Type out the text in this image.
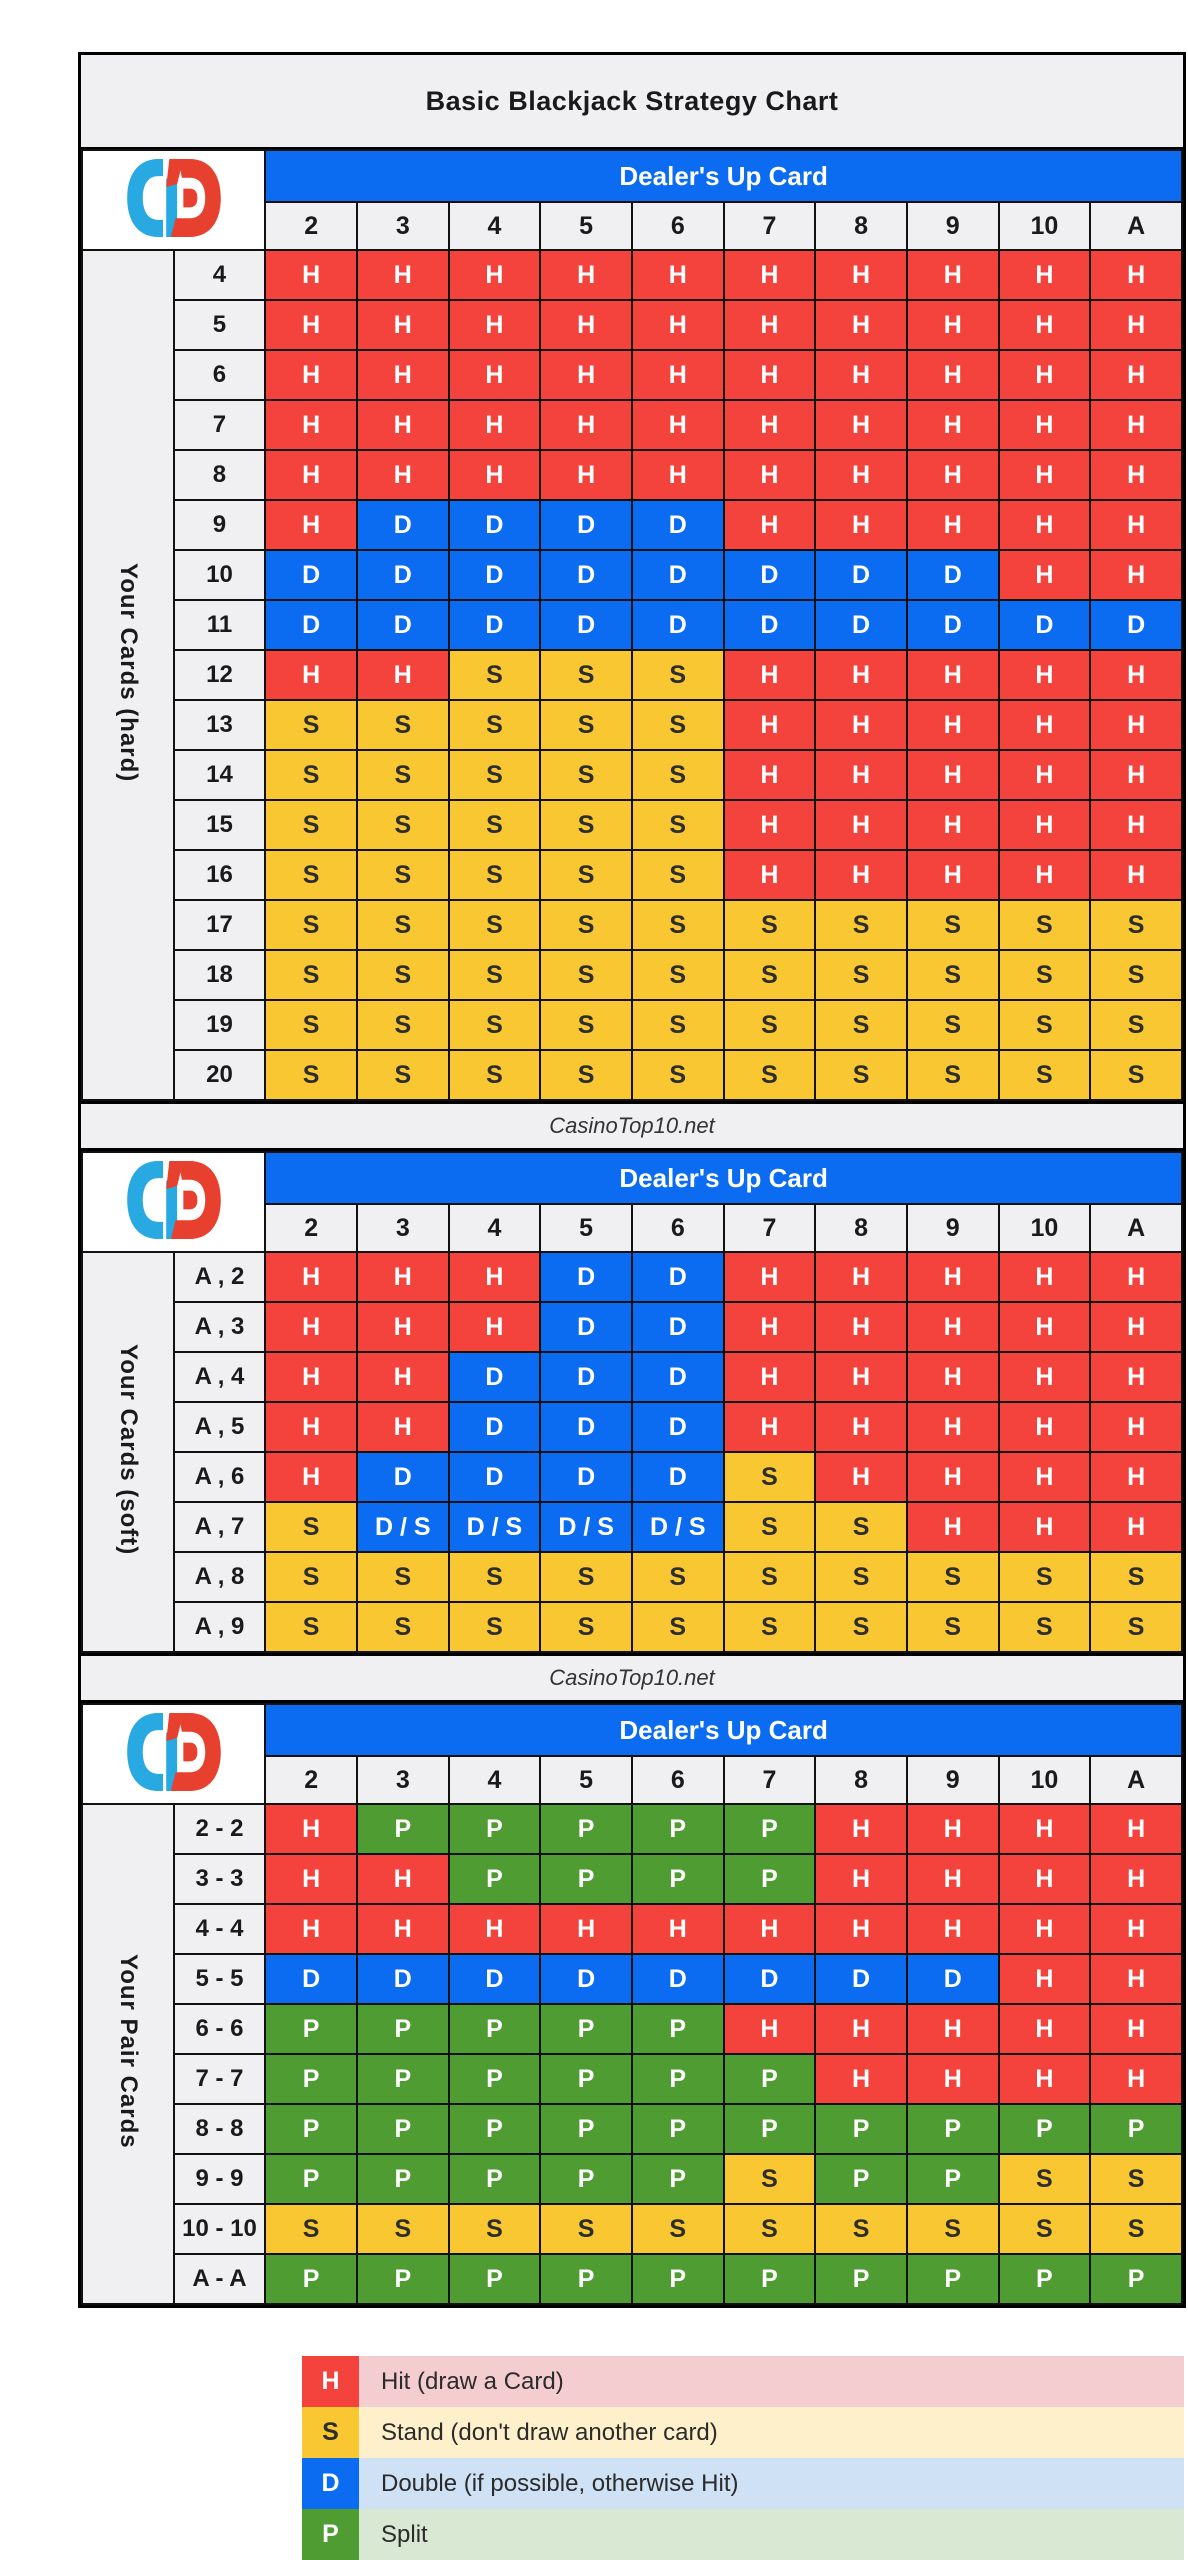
Basic Blackjack Strategy Chart
	Dealer's Up Card									
		2	3	4	5	6	7	8	9	10	A
Your Cards (hard)	4	H	H	H	H	H	H	H	H	H	H
	5	H	H	H	H	H	H	H	H	H	H
	6	H	H	H	H	H	H	H	H	H	H
	7	H	H	H	H	H	H	H	H	H	H
	8	H	H	H	H	H	H	H	H	H	H
	9	H	D	D	D	D	H	H	H	H	H
	10	D	D	D	D	D	D	D	D	H	H
	11	D	D	D	D	D	D	D	D	D	D
	12	H	H	S	S	S	H	H	H	H	H
	13	S	S	S	S	S	H	H	H	H	H
	14	S	S	S	S	S	H	H	H	H	H
	15	S	S	S	S	S	H	H	H	H	H
	16	S	S	S	S	S	H	H	H	H	H
	17	S	S	S	S	S	S	S	S	S	S
	18	S	S	S	S	S	S	S	S	S	S
	19	S	S	S	S	S	S	S	S	S	S
	20	S	S	S	S	S	S	S	S	S	S
CasinoTop10.net
	Dealer's Up Card									
		2	3	4	5	6	7	8	9	10	A
Your Cards (soft)	A , 2	H	H	H	D	D	H	H	H	H	H
	A , 3	H	H	H	D	D	H	H	H	H	H
	A , 4	H	H	D	D	D	H	H	H	H	H
	A , 5	H	H	D	D	D	H	H	H	H	H
	A , 6	H	D	D	D	D	S	H	H	H	H
	A , 7	S	D / S	D / S	D / S	D / S	S	S	H	H	H
	A , 8	S	S	S	S	S	S	S	S	S	S
	A , 9	S	S	S	S	S	S	S	S	S	S
CasinoTop10.net
	Dealer's Up Card									
		2	3	4	5	6	7	8	9	10	A
Your Pair Cards	2 - 2	H	P	P	P	P	P	H	H	H	H
	3 - 3	H	H	P	P	P	P	H	H	H	H
	4 - 4	H	H	H	H	H	H	H	H	H	H
	5 - 5	D	D	D	D	D	D	D	D	H	H
	6 - 6	P	P	P	P	P	H	H	H	H	H
	7 - 7	P	P	P	P	P	P	H	H	H	H
	8 - 8	P	P	P	P	P	P	P	P	P	P
	9 - 9	P	P	P	P	P	S	P	P	S	S
	10 - 10	S	S	S	S	S	S	S	S	S	S
	A - A	P	P	P	P	P	P	P	P	P	P
H	Hit (draw a Card)
S	Stand (don't draw another card)
D	Double (if possible, otherwise Hit)
P	Split
